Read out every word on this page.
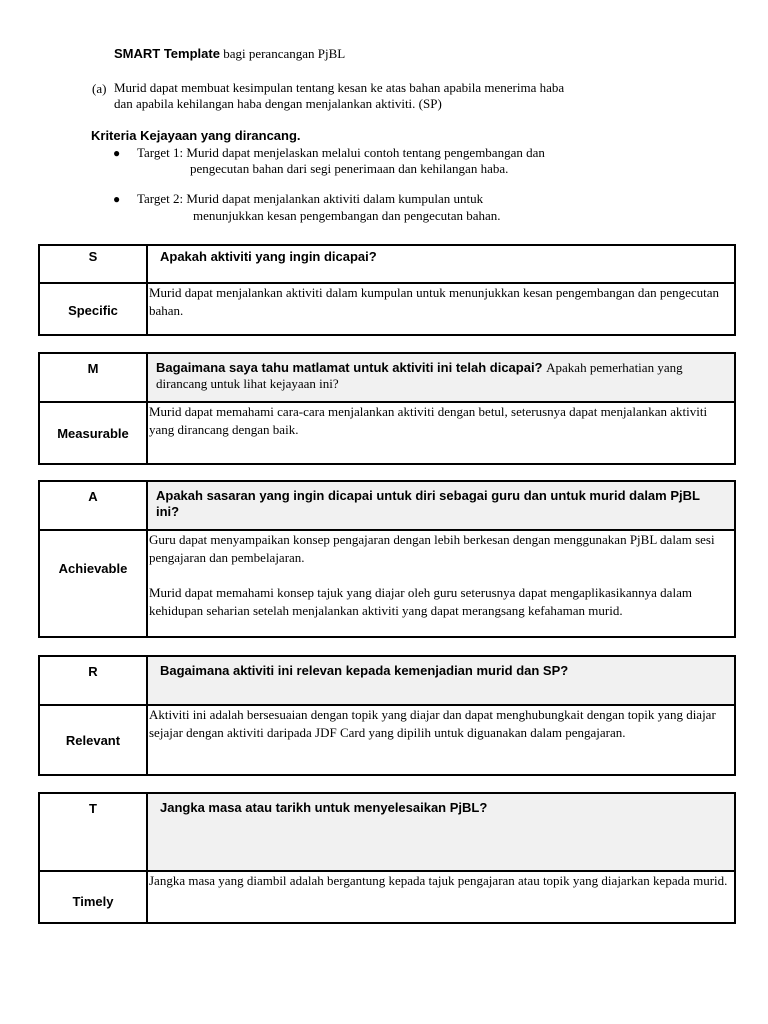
SMART Template bagi perancangan PjBL
(a) Murid dapat membuat kesimpulan tentang kesan ke atas bahan apabila menerima haba
dan apabila kehilangan haba dengan menjalankan aktiviti. (SP)
Kriteria Kejayaan yang dirancang.
● Target 1: Murid dapat menjelaskan melalui contoh tentang pengembangan dan
pengecutan bahan dari segi penerimaan dan kehilangan haba.
● Target 2: Murid dapat menjalankan aktiviti dalam kumpulan untuk
menunjukkan kesan pengembangan dan pengecutan bahan.
S	Apakah aktiviti yang ingin dicapai?

Specific	Murid dapat menjalankan aktiviti dalam kumpulan untuk menunjukkan kesan pengembangan dan pengecutan bahan.

M	Bagaimana saya tahu matlamat untuk aktiviti ini telah dicapai? Apakah pemerhatian yang dirancang untuk lihat kejayaan ini?

Measurable	Murid dapat memahami cara-cara menjalankan aktiviti dengan betul, seterusnya dapat menjalankan aktiviti yang dirancang dengan baik.

A	Apakah sasaran yang ingin dicapai untuk diri sebagai guru dan untuk murid dalam PjBL ini?

Achievable	Guru dapat menyampaikan konsep pengajaran dengan lebih berkesan dengan menggunakan PjBL dalam sesi pengajaran dan pembelajaran.

Murid dapat memahami konsep tajuk yang diajar oleh guru seterusnya dapat mengaplikasikannya dalam kehidupan seharian setelah menjalankan aktiviti yang dapat merangsang kefahaman murid.

R	Bagaimana aktiviti ini relevan kepada kemenjadian murid dan SP?

Relevant	Aktiviti ini adalah bersesuaian dengan topik yang diajar dan dapat menghubungkait dengan topik yang diajar sejajar dengan aktiviti daripada JDF Card yang dipilih untuk diguanakan dalam pengajaran.

T	Jangka masa atau tarikh untuk menyelesaikan PjBL?

Timely	Jangka masa yang diambil adalah bergantung kepada tajuk pengajaran atau topik yang diajarkan kepada murid.
